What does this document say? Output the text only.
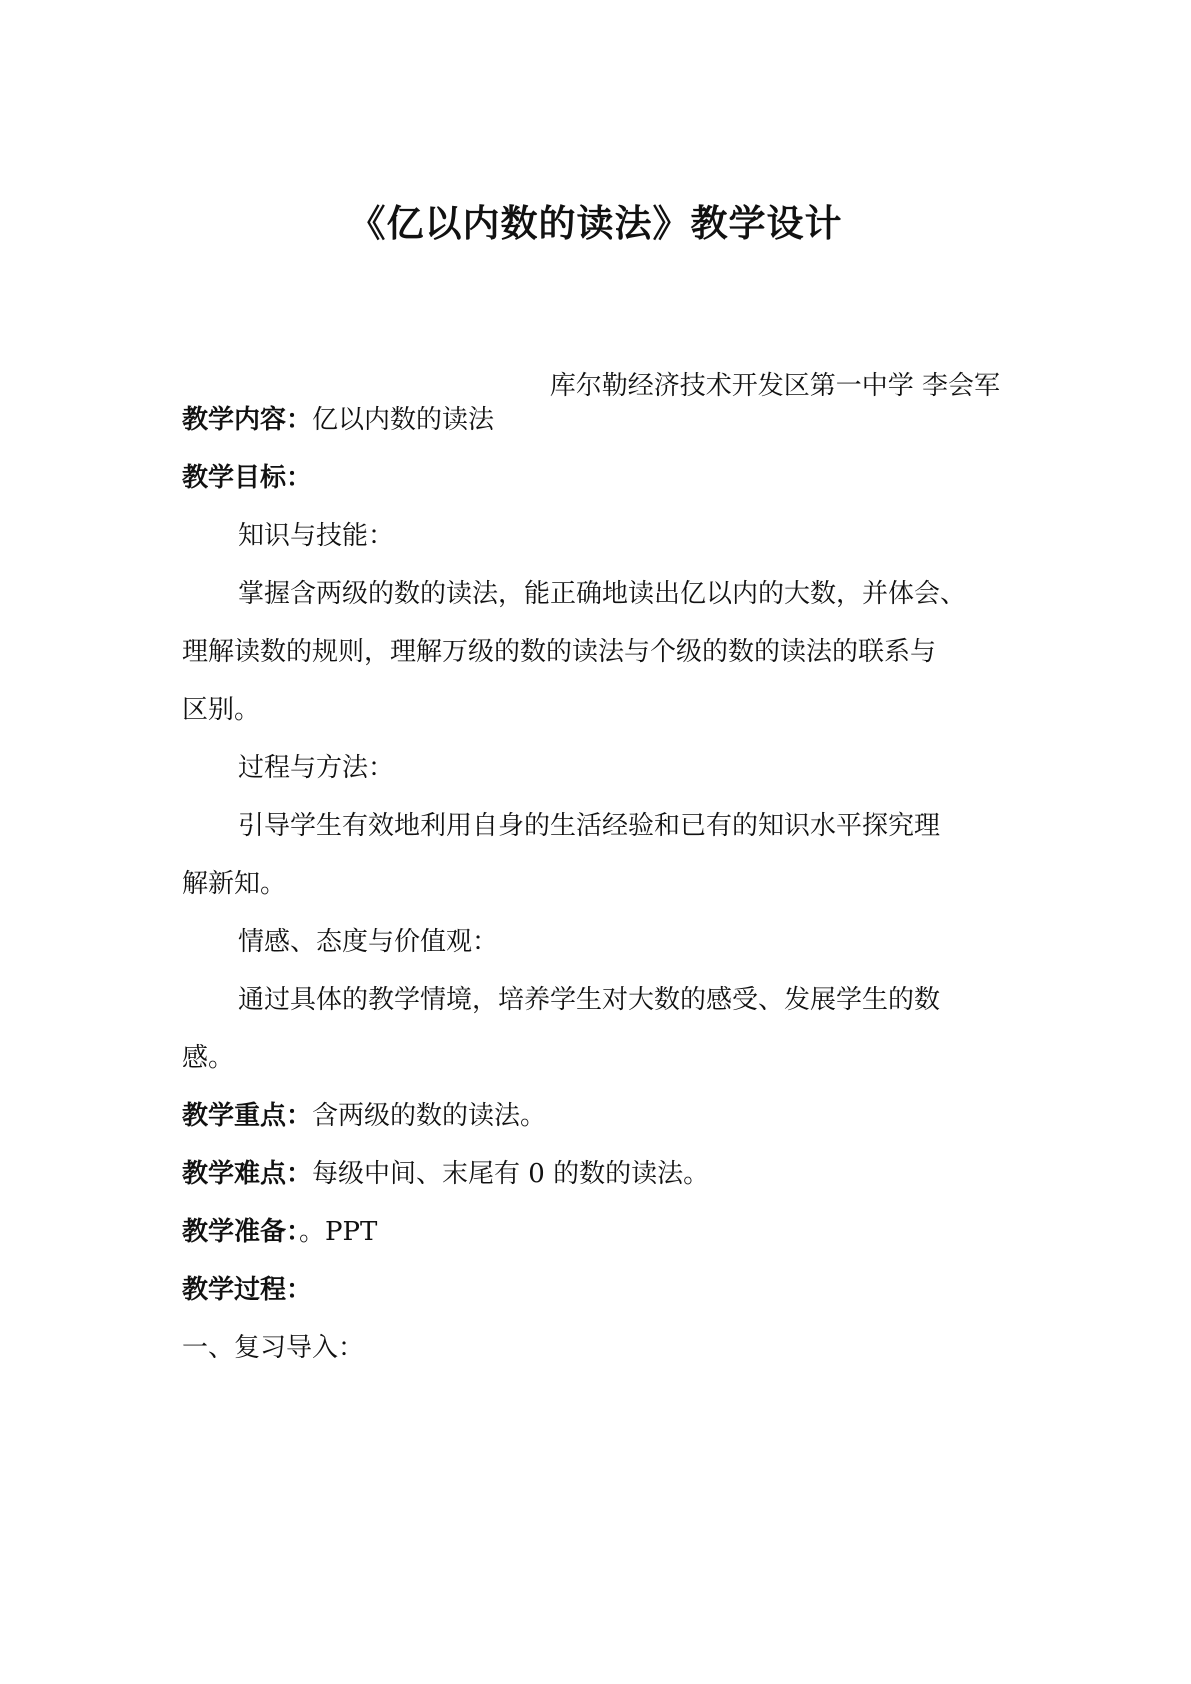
《亿以内数的读法》教学设计
库尔勒经济技术开发区第一中学 李会军
教学内容：亿以内数的读法
教学目标：
知识与技能：
掌握含两级的数的读法，能正确地读出亿以内的大数，并体会、
理解读数的规则，理解万级的数的读法与个级的数的读法的联系与
区别。
过程与方法：
引导学生有效地利用自身的生活经验和已有的知识水平探究理
解新知。
情感、态度与价值观：
通过具体的教学情境，培养学生对大数的感受、发展学生的数
感。
教学重点：含两级的数的读法。
教学难点：每级中间、末尾有 0 的数的读法。
教学准备：。PPT
教学过程：
一、复习导入：
